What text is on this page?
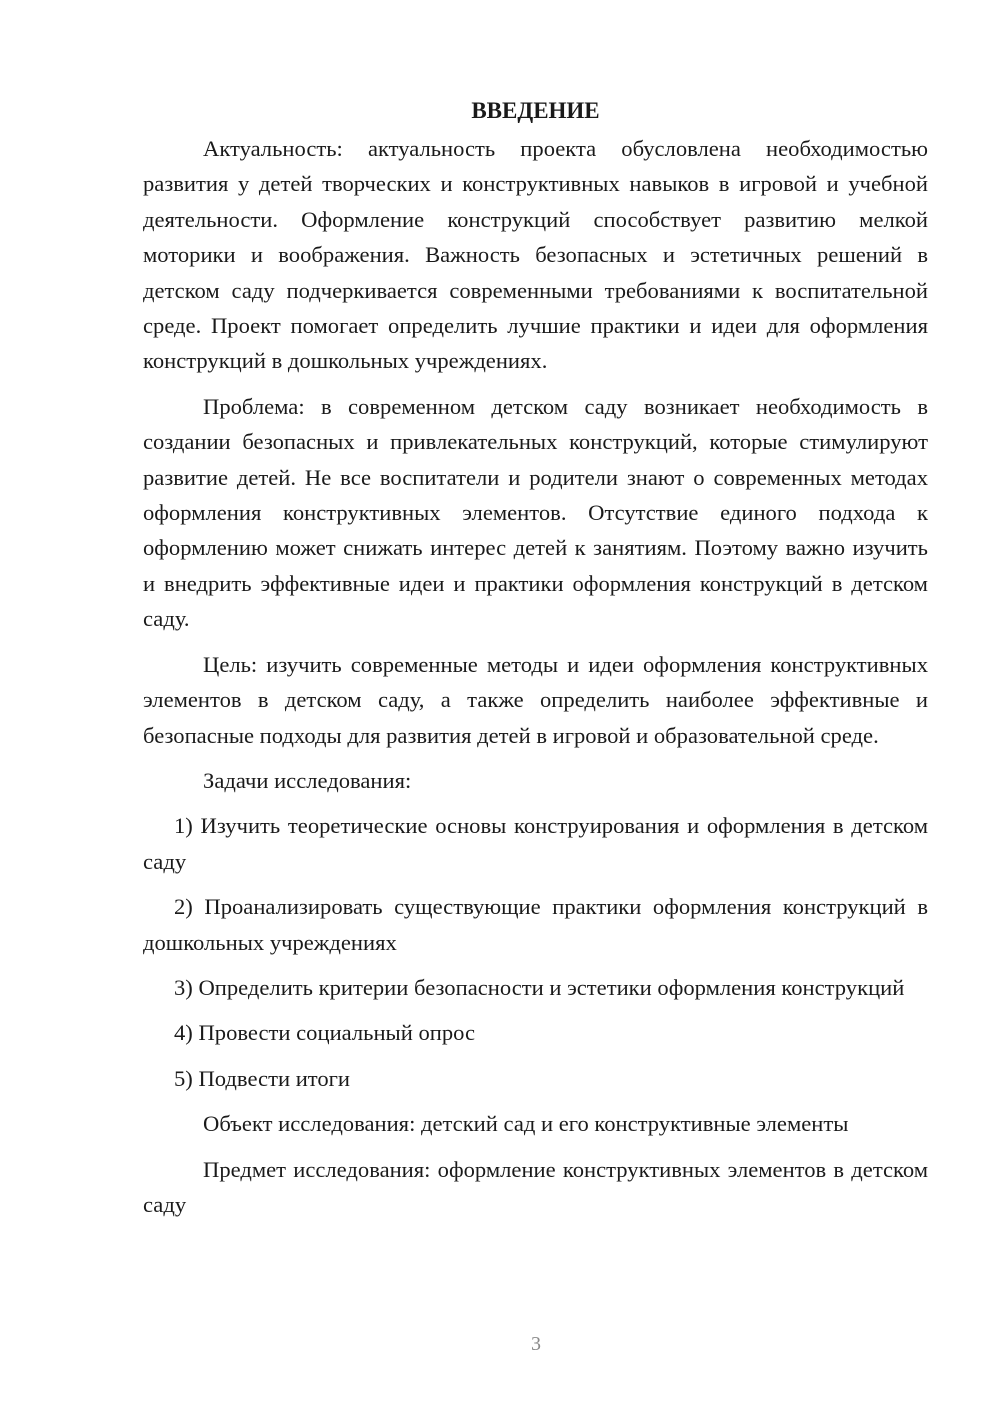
ВВЕДЕНИЕ

Актуальность: актуальность проекта обусловлена необходимостью развития у детей творческих и конструктивных навыков в игровой и учебной деятельности. Оформление конструкций способствует развитию мелкой моторики и воображения. Важность безопасных и эстетичных решений в детском саду подчеркивается современными требованиями к воспитательной среде. Проект помогает определить лучшие практики и идеи для оформления конструкций в дошкольных учреждениях.

Проблема: в современном детском саду возникает необходимость в создании безопасных и привлекательных конструкций, которые стимулируют развитие детей. Не все воспитатели и родители знают о современных методах оформления конструктивных элементов. Отсутствие единого подхода к оформлению может снижать интерес детей к занятиям. Поэтому важно изучить и внедрить эффективные идеи и практики оформления конструкций в детском саду.

Цель: изучить современные методы и идеи оформления конструктивных элементов в детском саду, а также определить наиболее эффективные и безопасные подходы для развития детей в игровой и образовательной среде.

Задачи исследования:

1) Изучить теоретические основы конструирования и оформления в детском саду

2) Проанализировать существующие практики оформления конструкций в дошкольных учреждениях

3) Определить критерии безопасности и эстетики оформления конструкций

4) Провести социальный опрос

5) Подвести итоги

Объект исследования: детский сад и его конструктивные элементы

Предмет исследования: оформление конструктивных элементов в детском саду

3
